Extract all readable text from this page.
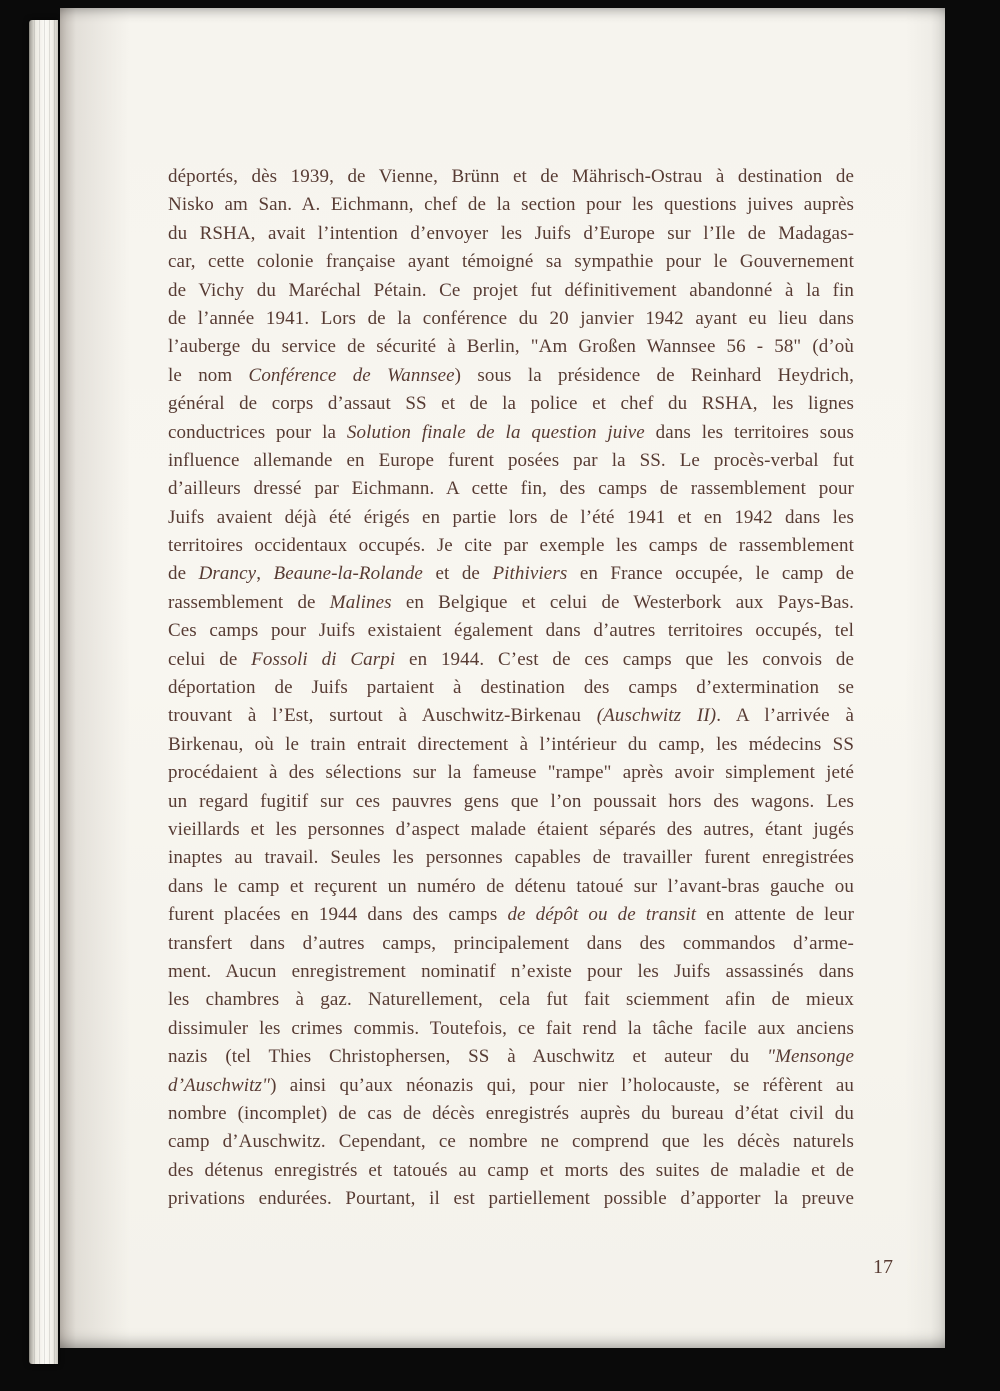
déportés, dès 1939, de Vienne, Brünn et de Mährisch-Ostrau à destination de
Nisko am San. A. Eichmann, chef de la section pour les questions juives auprès
du RSHA, avait l’intention d’envoyer les Juifs d’Europe sur l’Ile de Madagas-
car, cette colonie française ayant témoigné sa sympathie pour le Gouvernement
de Vichy du Maréchal Pétain. Ce projet fut définitivement abandonné à la fin
de l’année 1941. Lors de la conférence du 20 janvier 1942 ayant eu lieu dans
l’auberge du service de sécurité à Berlin, "Am Großen Wannsee 56 - 58" (d’où
le nom Conférence de Wannsee) sous la présidence de Reinhard Heydrich,
général de corps d’assaut SS et de la police et chef du RSHA, les lignes
conductrices pour la Solution finale de la question juive dans les territoires sous
influence allemande en Europe furent posées par la SS. Le procès-verbal fut
d’ailleurs dressé par Eichmann. A cette fin, des camps de rassemblement pour
Juifs avaient déjà été érigés en partie lors de l’été 1941 et en 1942 dans les
territoires occidentaux occupés. Je cite par exemple les camps de rassemblement
de Drancy, Beaune-la-Rolande et de Pithiviers en France occupée, le camp de
rassemblement de Malines en Belgique et celui de Westerbork aux Pays-Bas.
Ces camps pour Juifs existaient également dans d’autres territoires occupés, tel
celui de Fossoli di Carpi en 1944. C’est de ces camps que les convois de
déportation de Juifs partaient à destination des camps d’extermination se
trouvant à l’Est, surtout à Auschwitz-Birkenau (Auschwitz II). A l’arrivée à
Birkenau, où le train entrait directement à l’intérieur du camp, les médecins SS
procédaient à des sélections sur la fameuse "rampe" après avoir simplement jeté
un regard fugitif sur ces pauvres gens que l’on poussait hors des wagons. Les
vieillards et les personnes d’aspect malade étaient séparés des autres, étant jugés
inaptes au travail. Seules les personnes capables de travailler furent enregistrées
dans le camp et reçurent un numéro de détenu tatoué sur l’avant-bras gauche ou
furent placées en 1944 dans des camps de dépôt ou de transit en attente de leur
transfert dans d’autres camps, principalement dans des commandos d’arme-
ment. Aucun enregistrement nominatif n’existe pour les Juifs assassinés dans
les chambres à gaz. Naturellement, cela fut fait sciemment afin de mieux
dissimuler les crimes commis. Toutefois, ce fait rend la tâche facile aux anciens
nazis (tel Thies Christophersen, SS à Auschwitz et auteur du "Mensonge
d’Auschwitz") ainsi qu’aux néonazis qui, pour nier l’holocauste, se réfèrent au
nombre (incomplet) de cas de décès enregistrés auprès du bureau d’état civil du
camp d’Auschwitz. Cependant, ce nombre ne comprend que les décès naturels
des détenus enregistrés et tatoués au camp et morts des suites de maladie et de
privations endurées. Pourtant, il est partiellement possible d’apporter la preuve
17
